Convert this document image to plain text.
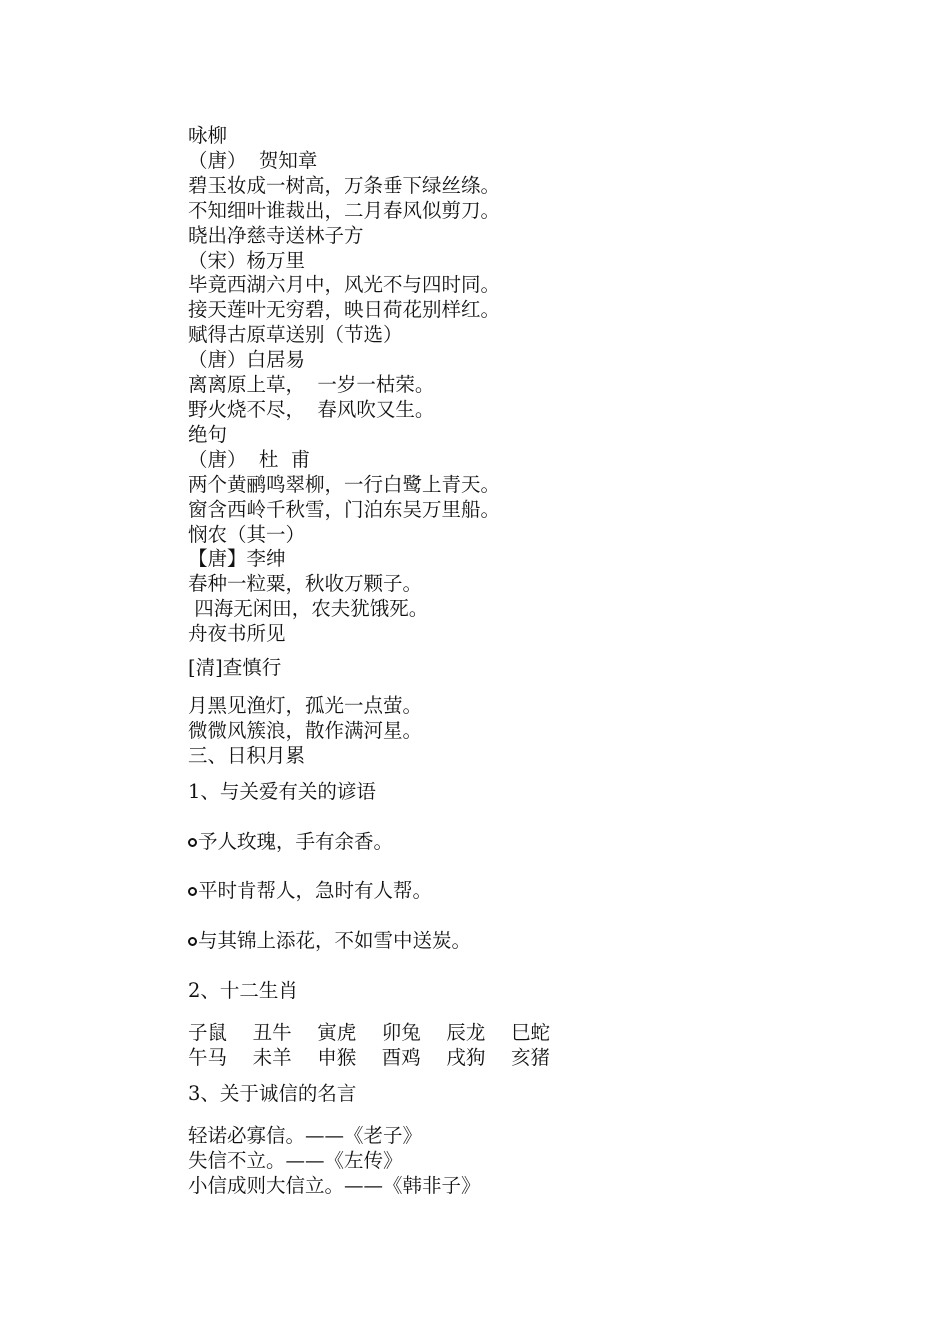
咏柳

（唐）  贺知章

碧玉妆成一树高，万条垂下绿丝绦。

不知细叶谁裁出，二月春风似剪刀。

晓出净慈寺送林子方

（宋）杨万里

毕竟西湖六月中，风光不与四时同。

接天莲叶无穷碧，映日荷花别样红。

赋得古原草送别（节选）

（唐）白居易

离离原上草，  一岁一枯荣。

野火烧不尽，  春风吹又生。

绝句

（唐）  杜  甫

两个黄鹂鸣翠柳，一行白鹭上青天。

窗含西岭千秋雪，门泊东吴万里船。

悯农（其一）

【唐】李绅

春种一粒粟，秋收万颗子。

四海无闲田，农夫犹饿死。

舟夜书所见

[清]查慎行

月黑见渔灯，孤光一点萤。

微微风簇浪，散作满河星。

三、日积月累

1、与关爱有关的谚语

予人玫瑰，手有余香。

平时肯帮人，急时有人帮。

与其锦上添花，不如雪中送炭。

2、十二生肖

子鼠	丑牛	寅虎	卯兔	辰龙	巳蛇
午马	未羊	申猴	酉鸡	戌狗	亥猪

3、关于诚信的名言

轻诺必寡信。——《老子》

失信不立。——《左传》

小信成则大信立。——《韩非子》
